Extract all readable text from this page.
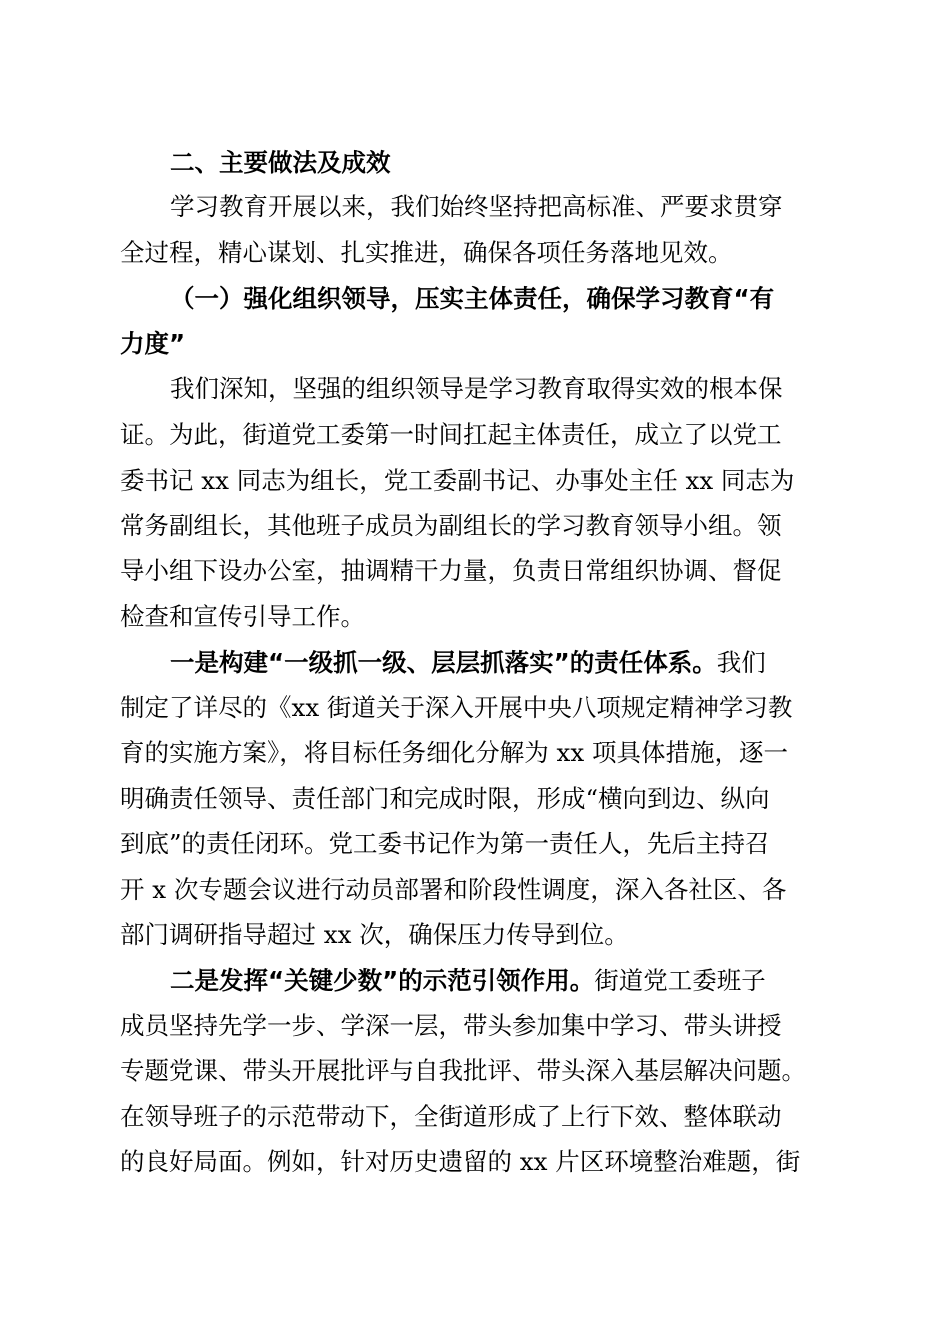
二、主要做法及成效
学习教育开展以来，我们始终坚持把高标准、严要求贯穿
全过程，精心谋划、扎实推进，确保各项任务落地见效。
（一）强化组织领导，压实主体责任，确保学习教育“有
力度”
我们深知，坚强的组织领导是学习教育取得实效的根本保
证。为此，街道党工委第一时间扛起主体责任，成立了以党工
委书记 xx 同志为组长，党工委副书记、办事处主任 xx 同志为
常务副组长，其他班子成员为副组长的学习教育领导小组。领
导小组下设办公室，抽调精干力量，负责日常组织协调、督促
检查和宣传引导工作。
一是构建“一级抓一级、层层抓落实”的责任体系。我们
制定了详尽的《xx 街道关于深入开展中央八项规定精神学习教
育的实施方案》，将目标任务细化分解为 xx 项具体措施，逐一
明确责任领导、责任部门和完成时限，形成“横向到边、纵向
到底”的责任闭环。党工委书记作为第一责任人，先后主持召
开 x 次专题会议进行动员部署和阶段性调度，深入各社区、各
部门调研指导超过 xx 次，确保压力传导到位。
二是发挥“关键少数”的示范引领作用。街道党工委班子
成员坚持先学一步、学深一层，带头参加集中学习、带头讲授
专题党课、带头开展批评与自我批评、带头深入基层解决问题。
在领导班子的示范带动下，全街道形成了上行下效、整体联动
的良好局面。例如，针对历史遗留的 xx 片区环境整治难题，街
